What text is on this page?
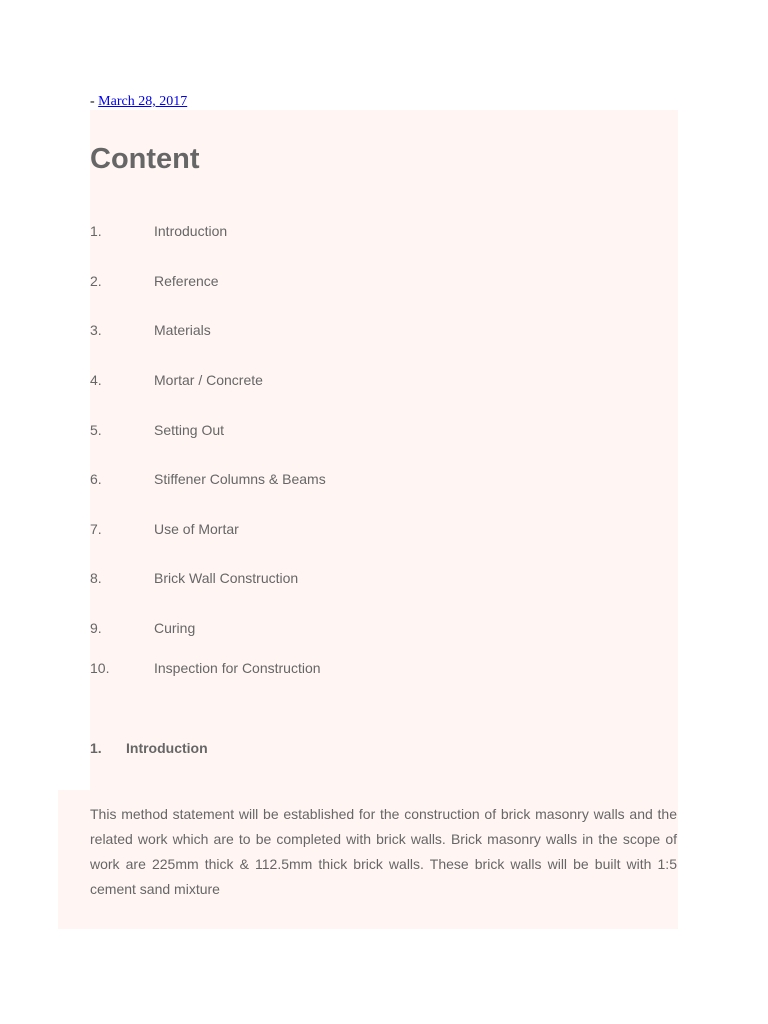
- March 28, 2017

Content
1.	Introduction
2.	Reference
3.	Materials
4.	Mortar / Concrete
5.	Setting Out
6.	Stiffener Columns & Beams
7.	Use of Mortar
8.	Brick Wall Construction
9.	Curing
10.	Inspection for Construction
1. Introduction

This method statement will be established for the construction of brick masonry walls and the related work which are to be completed with brick walls. Brick masonry walls in the scope of work are 225mm thick & 112.5mm thick brick walls. These brick walls will be built with 1:5 cement sand mixture
